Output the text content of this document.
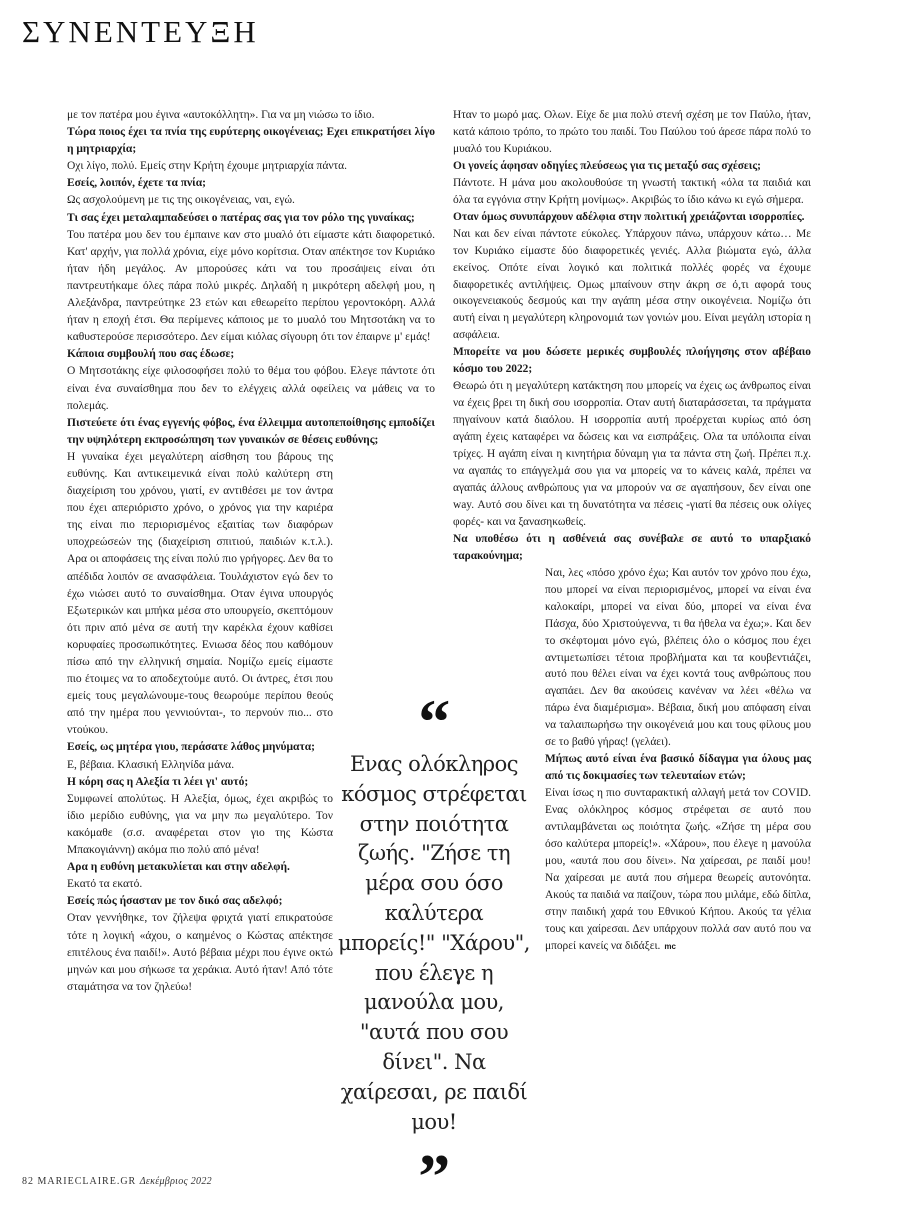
ΣΥΝΕΝΤΕΥΞΗ

με τον πατέρα μου έγινα «αυτοκόλλητη». Για να μη νιώσω το ίδιο.

Τώρα ποιος έχει τα πνία της ευρύτερης οικογένειας; Εχει επικρατήσει λίγο η μητριαρχία;

Οχι λίγο, πολύ. Εμείς στην Κρήτη έχουμε μητριαρχία πάντα.

Εσείς, λοιπόν, έχετε τα πνία;

Ως ασχολούμενη με τις της οικογένειας, ναι, εγώ.

Τι σας έχει μεταλαμπαδεύσει ο πατέρας σας για τον ρόλο της γυναίκας;

Του πατέρα μου δεν του έμπαινε καν στο μυαλό ότι είμαστε κάτι διαφορετικό. Κατ' αρχήν, για πολλά χρόνια, είχε μόνο κορίτσια. Οταν απέκτησε τον Κυριάκο ήταν ήδη μεγάλος. Αν μπορούσες κάτι να του προσάψεις είναι ότι παντρευτήκαμε όλες πάρα πολύ μικρές. Δηλαδή η μικρότερη αδελφή μου, η Αλεξάνδρα, παντρεύτηκε 23 ετών και εθεωρείτο περίπου γεροντοκόρη. Αλλά ήταν η εποχή έτσι. Θα περίμενες κάποιος με το μυαλό του Μητσοτάκη να το καθυστερούσε περισσότερο. Δεν είμαι κιόλας σίγουρη ότι τον έπαιρνε μ' εμάς!

Κάποια συμβουλή που σας έδωσε;

Ο Μητσοτάκης είχε φιλοσοφήσει πολύ το θέμα του φόβου. Ελεγε πάντοτε ότι είναι ένα συναίσθημα που δεν το ελέγχεις αλλά οφείλεις να μάθεις να το πολεμάς.

Πιστεύετε ότι ένας εγγενής φόβος, ένα έλλειμμα αυτοπεποίθησης εμποδίζει την υψηλότερη εκπροσώπηση των γυναικών σε θέσεις ευθύνης;

Η γυναίκα έχει μεγαλύτερη αίσθηση του βάρους της ευθύνης. Και αντικειμενικά είναι πολύ καλύτερη στη διαχείριση του χρόνου, γιατί, εν αντιθέσει με τον άντρα που έχει απεριόριστο χρόνο, ο χρόνος για την καριέρα της είναι πιο περιορισμένος εξαιτίας των διαφόρων υποχρεώσεών της (διαχείριση σπιτιού, παιδιών κ.τ.λ.). Αρα οι αποφάσεις της είναι πολύ πιο γρήγορες. Δεν θα το απέδιδα λοιπόν σε ανασφάλεια. Τουλάχιστον εγώ δεν το έχω νιώσει αυτό το συναίσθημα. Οταν έγινα υπουργός Εξωτερικών και μπήκα μέσα στο υπουργείο, σκεπτόμουν ότι πριν από μένα σε αυτή την καρέκλα έχουν καθίσει κορυφαίες προσωπικότητες. Ενιωσα δέος που καθόμουν πίσω από την ελληνική σημαία. Νομίζω εμείς είμαστε πιο έτοιμες να το αποδεχτούμε αυτό. Οι άντρες, έτσι που εμείς τους μεγαλώνουμε-τους θεωρούμε περίπου θεούς από την ημέρα που γεννιούνται-, το περνούν πιο... στο ντούκου.

Εσείς, ως μητέρα γιου, περάσατε λάθος μηνύματα;

Ε, βέβαια. Κλασική Ελληνίδα μάνα.

Η κόρη σας η Αλεξία τι λέει γι' αυτό;

Συμφωνεί απολύτως. Η Αλεξία, όμως, έχει ακριβώς το ίδιο μερίδιο ευθύνης, για να μην πω μεγαλύτερο. Τον κακόμαθε (σ.σ. αναφέρεται στον γιο της Κώστα Μπακογιάννη) ακόμα πιο πολύ από μένα!

Αρα η ευθύνη μετακυλίεται και στην αδελφή.

Εκατό τα εκατό.

Εσείς πώς ήσασταν με τον δικό σας αδελφό;

Οταν γεννήθηκε, τον ζήλεψα φριχτά γιατί επικρατούσε τότε η λογική «άχου, ο καημένος ο Κώστας απέκτησε επιτέλους ένα παιδί!». Αυτό βέβαια μέχρι που έγινε οκτώ μηνών και μου σήκωσε τα χεράκια. Αυτό ήταν! Από τότε σταμάτησα να τον ζηλεύω!

Ηταν το μωρό μας. Ολων. Είχε δε μια πολύ στενή σχέση με τον Παύλο, ήταν, κατά κάποιο τρόπο, το πρώτο του παιδί. Του Παύλου τού άρεσε πάρα πολύ το μυαλό του Κυριάκου.

Οι γονείς άφησαν οδηγίες πλεύσεως για τις μεταξύ σας σχέσεις;

Πάντοτε. Η μάνα μου ακολουθούσε τη γνωστή τακτική «όλα τα παιδιά και όλα τα εγγόνια στην Κρήτη μονίμως». Ακριβώς το ίδιο κάνω κι εγώ σήμερα.

Οταν όμως συνυπάρχουν αδέλφια στην πολιτική χρειάζονται ισορροπίες.

Ναι και δεν είναι πάντοτε εύκολες. Υπάρχουν πάνω, υπάρχουν κάτω… Με τον Κυριάκο είμαστε δύο διαφορετικές γενιές. Αλλα βιώματα εγώ, άλλα εκείνος. Οπότε είναι λογικό και πολιτικά πολλές φορές να έχουμε διαφορετικές αντιλήψεις. Ομως μπαίνουν στην άκρη σε ό,τι αφορά τους οικογενειακούς δεσμούς και την αγάπη μέσα στην οικογένεια. Νομίζω ότι αυτή είναι η μεγαλύτερη κληρονομιά των γονιών μου. Είναι μεγάλη ιστορία η ασφάλεια.

Μπορείτε να μου δώσετε μερικές συμβουλές πλοήγησης στον αβέβαιο κόσμο του 2022;

Θεωρώ ότι η μεγαλύτερη κατάκτηση που μπορείς να έχεις ως άνθρωπος είναι να έχεις βρει τη δική σου ισορροπία. Οταν αυτή διαταράσσεται, τα πράγματα πηγαίνουν κατά διαόλου. Η ισορροπία αυτή προέρχεται κυρίως από όση αγάπη έχεις καταφέρει να δώσεις και να εισπράξεις. Ολα τα υπόλοιπα είναι τρίχες. Η αγάπη είναι η κινητήρια δύναμη για τα πάντα στη ζωή. Πρέπει π.χ. να αγαπάς το επάγγελμά σου για να μπορείς να το κάνεις καλά, πρέπει να αγαπάς άλλους ανθρώπους για να μπορούν να σε αγαπήσουν, δεν είναι one way. Αυτό σου δίνει και τη δυνατότητα να πέσεις -γιατί θα πέσεις ουκ ολίγες φορές- και να ξανασηκωθείς.

Να υποθέσω ότι η ασθένειά σας συνέβαλε σε αυτό το υπαρξιακό ταρακούνημα;

Ναι, λες «πόσο χρόνο έχω; Και αυτόν τον χρόνο που έχω, που μπορεί να είναι περιορισμένος, μπορεί να είναι ένα καλοκαίρι, μπορεί να είναι δύο, μπορεί να είναι ένα Πάσχα, δύο Χριστούγεννα, τι θα ήθελα να έχω;». Και δεν το σκέφτομαι μόνο εγώ, βλέπεις όλο ο κόσμος που έχει αντιμετωπίσει τέτοια προβλήματα και τα κουβεντιάζει, αυτό που θέλει είναι να έχει κοντά τους ανθρώπους που αγαπάει. Δεν θα ακούσεις κανέναν να λέει «θέλω να πάρω ένα διαμέρισμα». Βέβαια, δική μου απόφαση είναι να ταλαιπωρήσω την οικογένειά μου και τους φίλους μου σε το βαθύ γήρας! (γελάει).

Μήπως αυτό είναι ένα βασικό δίδαγμα για όλους μας από τις δοκιμασίες των τελευταίων ετών;

Είναι ίσως η πιο συνταρακτική αλλαγή μετά τον COVID. Ενας ολόκληρος κόσμος στρέφεται σε αυτό που αντιλαμβάνεται ως ποιότητα ζωής. «Ζήσε τη μέρα σου όσο καλύτερα μπορείς!». «Χάρου», που έλεγε η μανούλα μου, «αυτά που σου δίνει». Να χαίρεσαι, ρε παιδί μου! Να χαίρεσαι με αυτά που σήμερα θεωρείς αυτονόητα. Ακούς τα παιδιά να παίζουν, τώρα που μιλάμε, εδώ δίπλα, στην παιδική χαρά του Εθνικού Κήπου. Ακούς τα γέλια τους και χαίρεσαι. Δεν υπάρχουν πολλά σαν αυτό που να μπορεί κανείς να διδάξει. mc

“

Ενας ολόκληρος κόσμος στρέφεται στην ποιότητα ζωής. "Ζήσε τη μέρα σου όσο καλύτερα μπορείς!" "Χάρου", που έλεγε η μανούλα μου, "αυτά που σου δίνει". Να χαίρεσαι, ρε παιδί μου!

”
82 MARIECLAIRE.GR Δεκέμβριος 2022
